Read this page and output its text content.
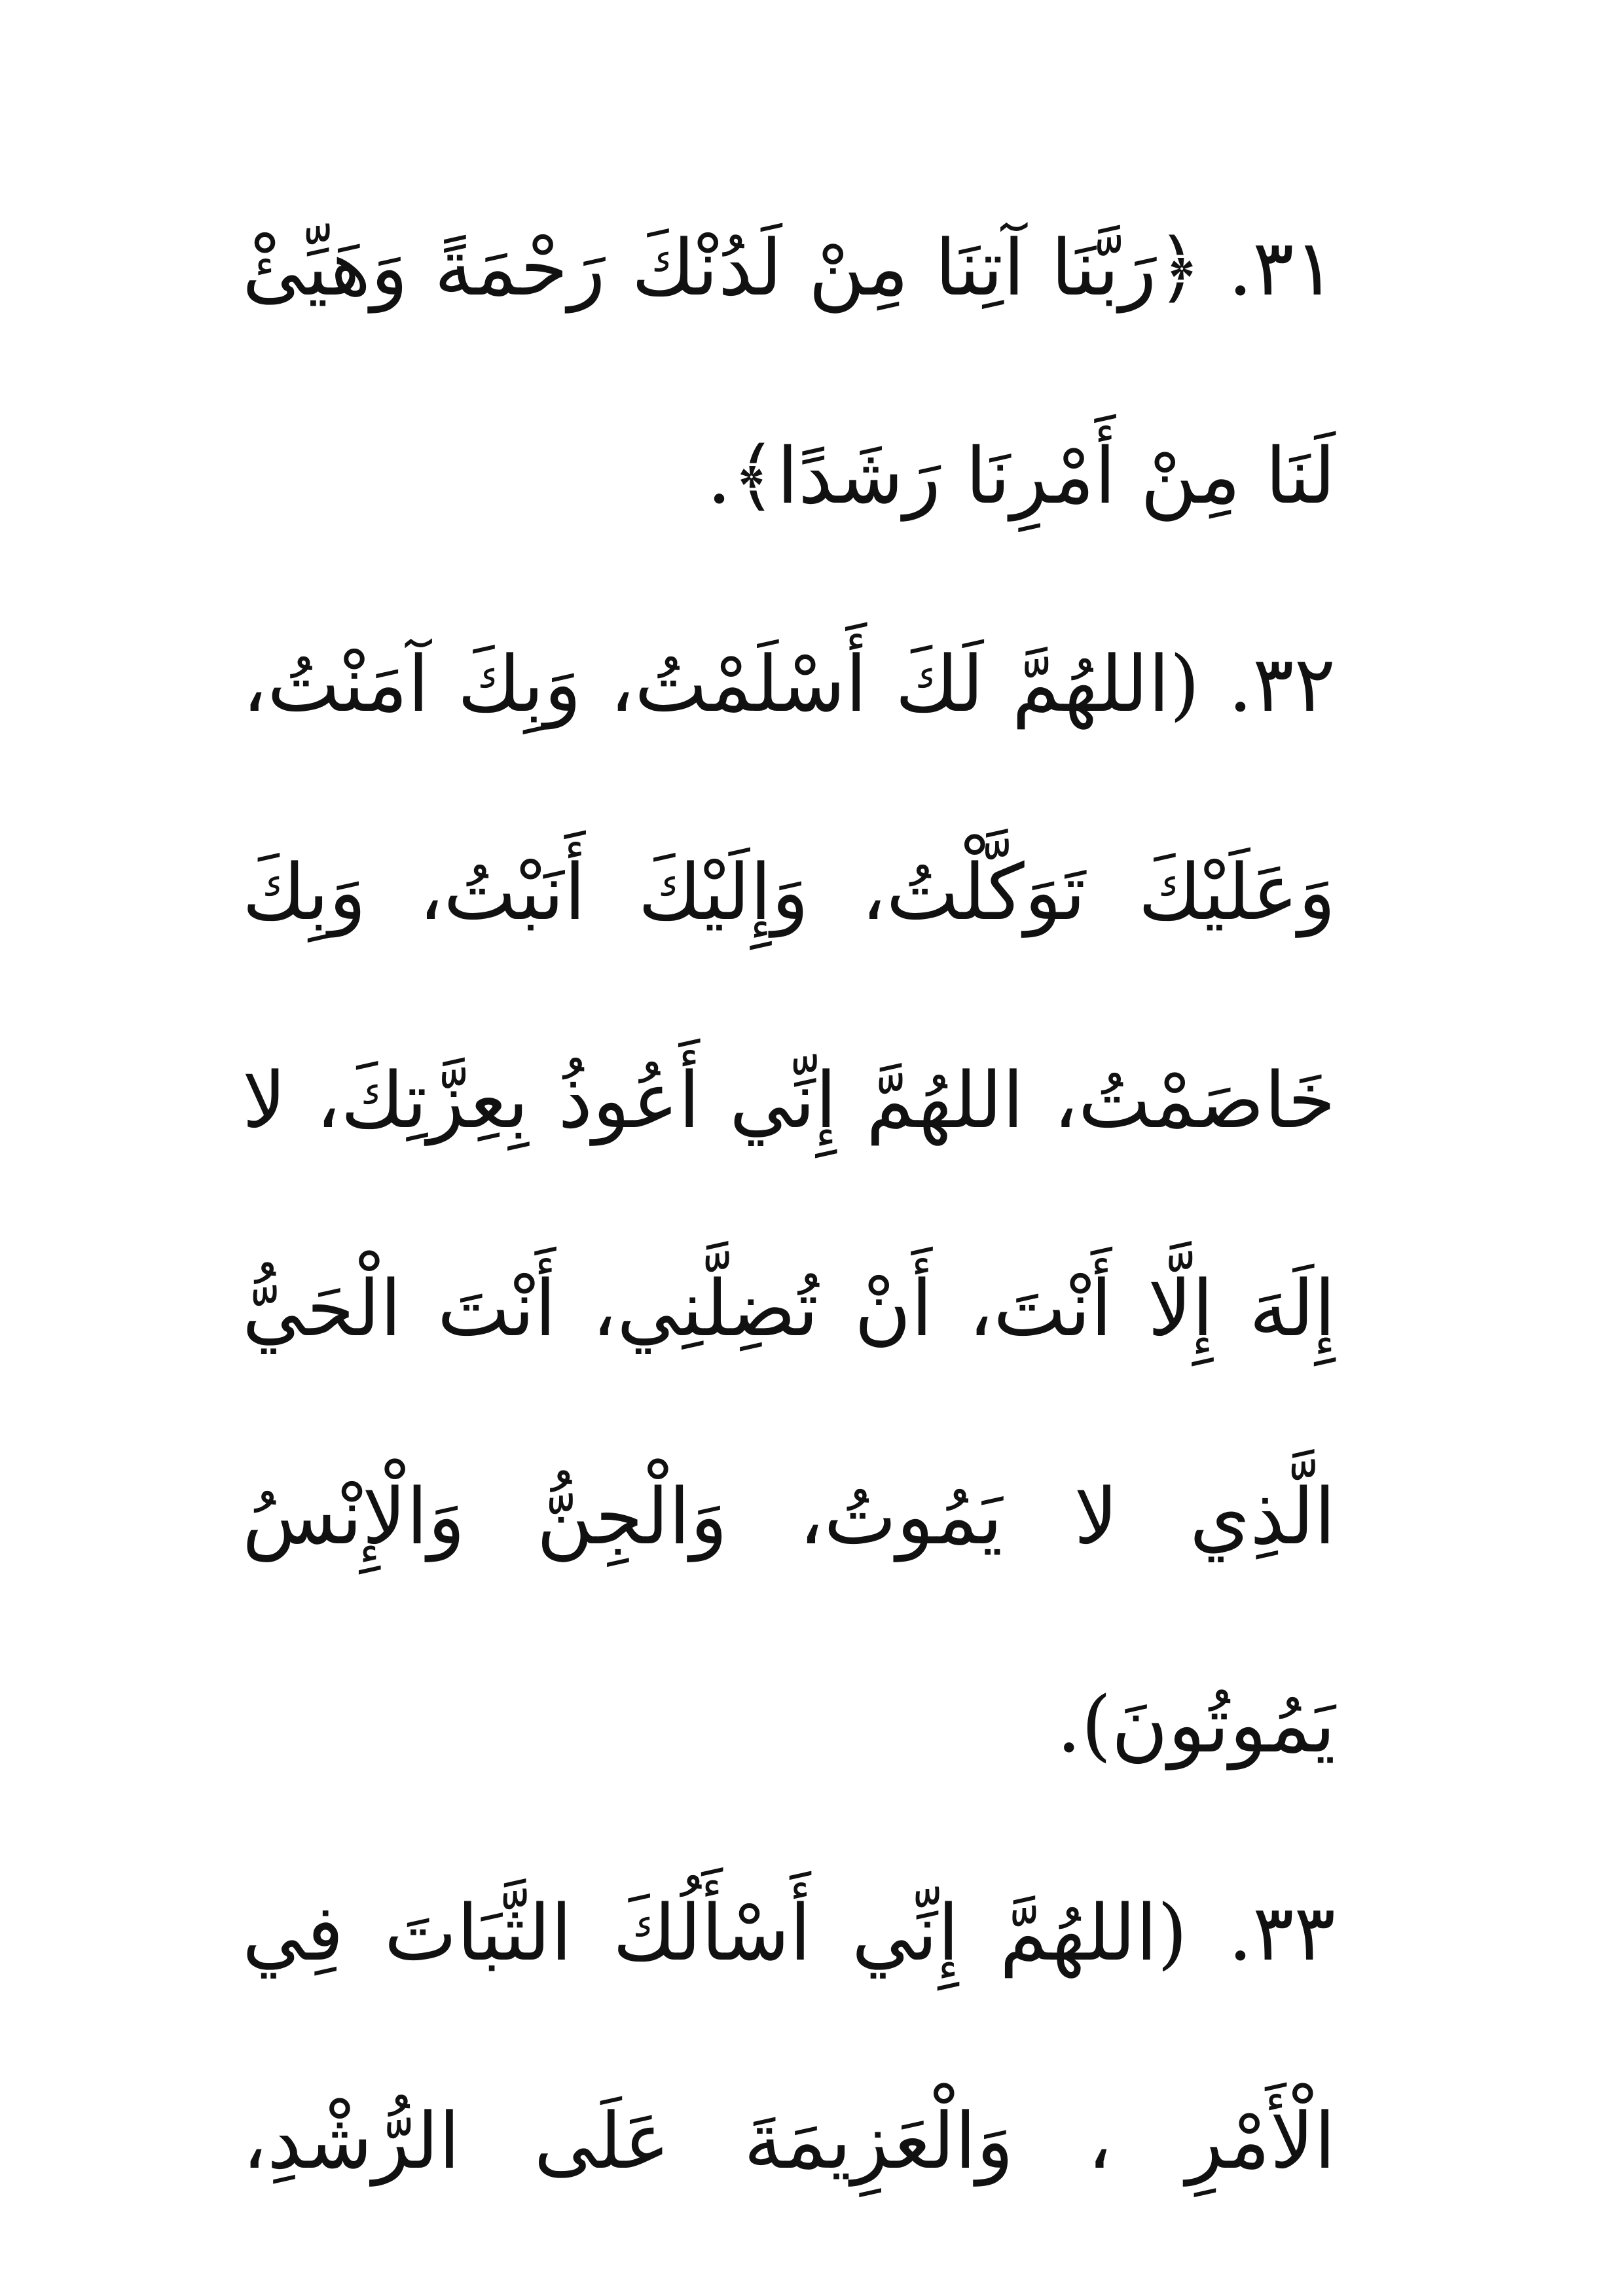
٣١. ﴿رَبَّنَا آتِنَا مِنْ لَدُنْكَ رَحْمَةً وَهَيِّئْ
لَنَا مِنْ أَمْرِنَا رَشَدًا﴾.
٣٢. (اللهُمَّ لَكَ أَسْلَمْتُ، وَبِكَ آمَنْتُ،
وَعَلَيْكَ تَوَكَّلْتُ، وَإِلَيْكَ أَنَبْتُ، وَبِكَ
خَاصَمْتُ، اللهُمَّ إِنِّي أَعُوذُ بِعِزَّتِكَ، لا
إِلَهَ إِلَّا أَنْتَ، أَنْ تُضِلَّنِي، أَنْتَ الْحَيُّ
الَّذِي لا يَمُوتُ، وَالْجِنُّ وَالْإِنْسُ
يَمُوتُونَ).
٣٣. (اللهُمَّ إِنِّي أَسْأَلُكَ الثَّبَاتَ فِي
الْأَمْرِ ، وَالْعَزِيمَةَ عَلَى الرُّشْدِ،
